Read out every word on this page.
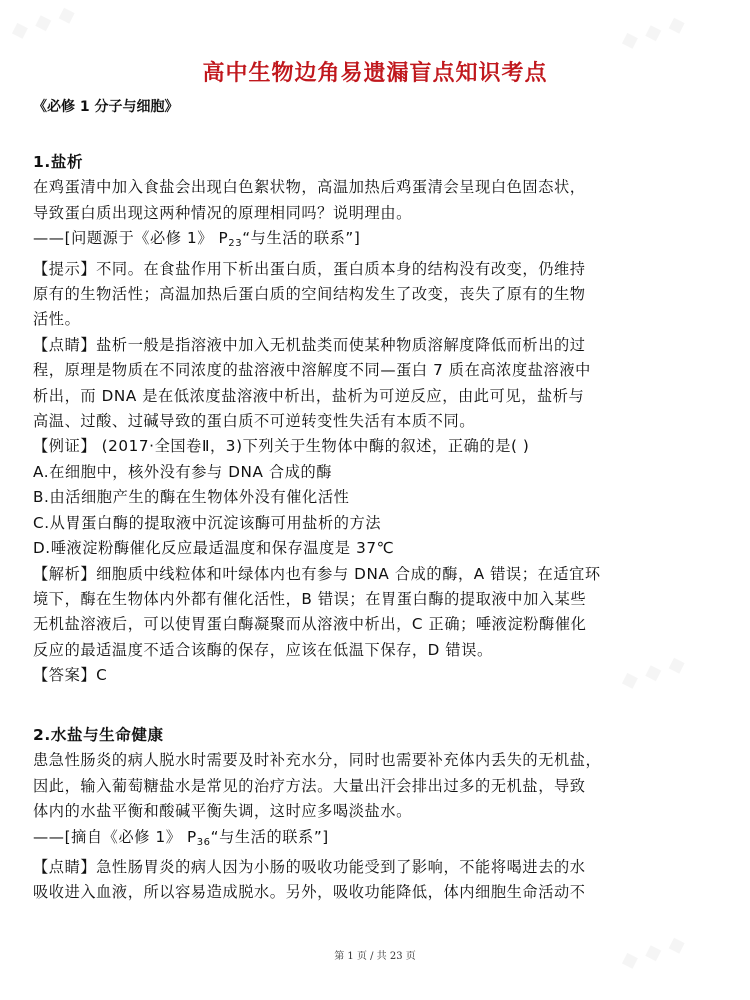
◆ ◆ ◆	◆ ◆ ◆
◆ ◆ ◆
◆ ◆ ◆
高中生物边角易遗漏盲点知识考点
《必修 1 分子与细胞》
1.盐析
在鸡蛋清中加入食盐会出现白色絮状物，高温加热后鸡蛋清会呈现白色固态状，
导致蛋白质出现这两种情况的原理相同吗？说明理由。
——[问题源于《必修 1》 $P_{23}“$与生活的联系”]
【提示】不同。在食盐作用下析出蛋白质，蛋白质本身的结构没有改变，仍维持
原有的生物活性；高温加热后蛋白质的空间结构发生了改变，丧失了原有的生物
活性。
【点睛】盐析一般是指溶液中加入无机盐类而使某种物质溶解度降低而析出的过
程，原理是物质在不同浓度的盐溶液中溶解度不同—蛋白 7 质在高浓度盐溶液中
析出，而 DNA 是在低浓度盐溶液中析出，盐析为可逆反应，由此可见，盐析与
高温、过酸、过碱导致的蛋白质不可逆转变性失活有本质不同。
【例证】 (2017·全国卷Ⅱ，3)下列关于生物体中酶的叙述，正确的是( )
A.在细胞中，核外没有参与 DNA 合成的酶
B.由活细胞产生的酶在生物体外没有催化活性
C.从胃蛋白酶的提取液中沉淀该酶可用盐析的方法
D.唾液淀粉酶催化反应最适温度和保存温度是 37℃
【解析】细胞质中线粒体和叶绿体内也有参与 DNA 合成的酶，A 错误；在适宜环
境下，酶在生物体内外都有催化活性，B 错误；在胃蛋白酶的提取液中加入某些
无机盐溶液后，可以使胃蛋白酶凝聚而从溶液中析出，C 正确；唾液淀粉酶催化
反应的最适温度不适合该酶的保存，应该在低温下保存，D 错误。
【答案】C
2.水盐与生命健康
患急性肠炎的病人脱水时需要及时补充水分，同时也需要补充体内丢失的无机盐，
因此，输入葡萄糖盐水是常见的治疗方法。大量出汗会排出过多的无机盐，导致
体内的水盐平衡和酸碱平衡失调，这时应多喝淡盐水。
——[摘自《必修 1》 $P_{36}“$与生活的联系”]
【点睛】急性肠胃炎的病人因为小肠的吸收功能受到了影响，不能将喝进去的水
吸收进入血液，所以容易造成脱水。另外，吸收功能降低，体内细胞生命活动不
第 1 页 / 共 23 页
